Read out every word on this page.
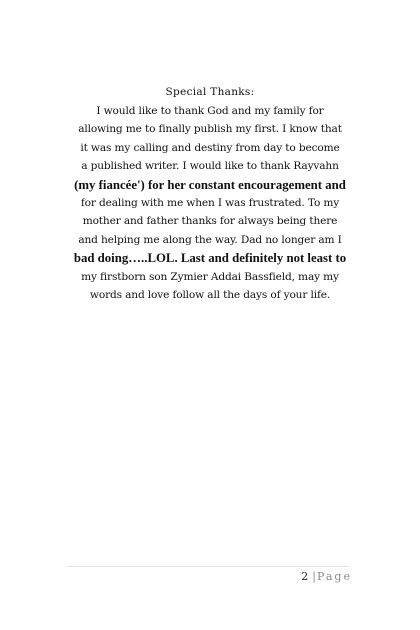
Special Thanks:
I would like to thank God and my family for
allowing me to finally publish my first. I know that
it was my calling and destiny from day to become
a published writer. I would like to thank Rayvahn
(my fiancée') for her constant encouragement and
for dealing with me when I was frustrated. To my
mother and father thanks for always being there
and helping me along the way. Dad no longer am I
bad doing…..LOL. Last and definitely not least to
my firstborn son Zymier Addai Bassfield, may my
words and love follow all the days of your life.
2 |Page
